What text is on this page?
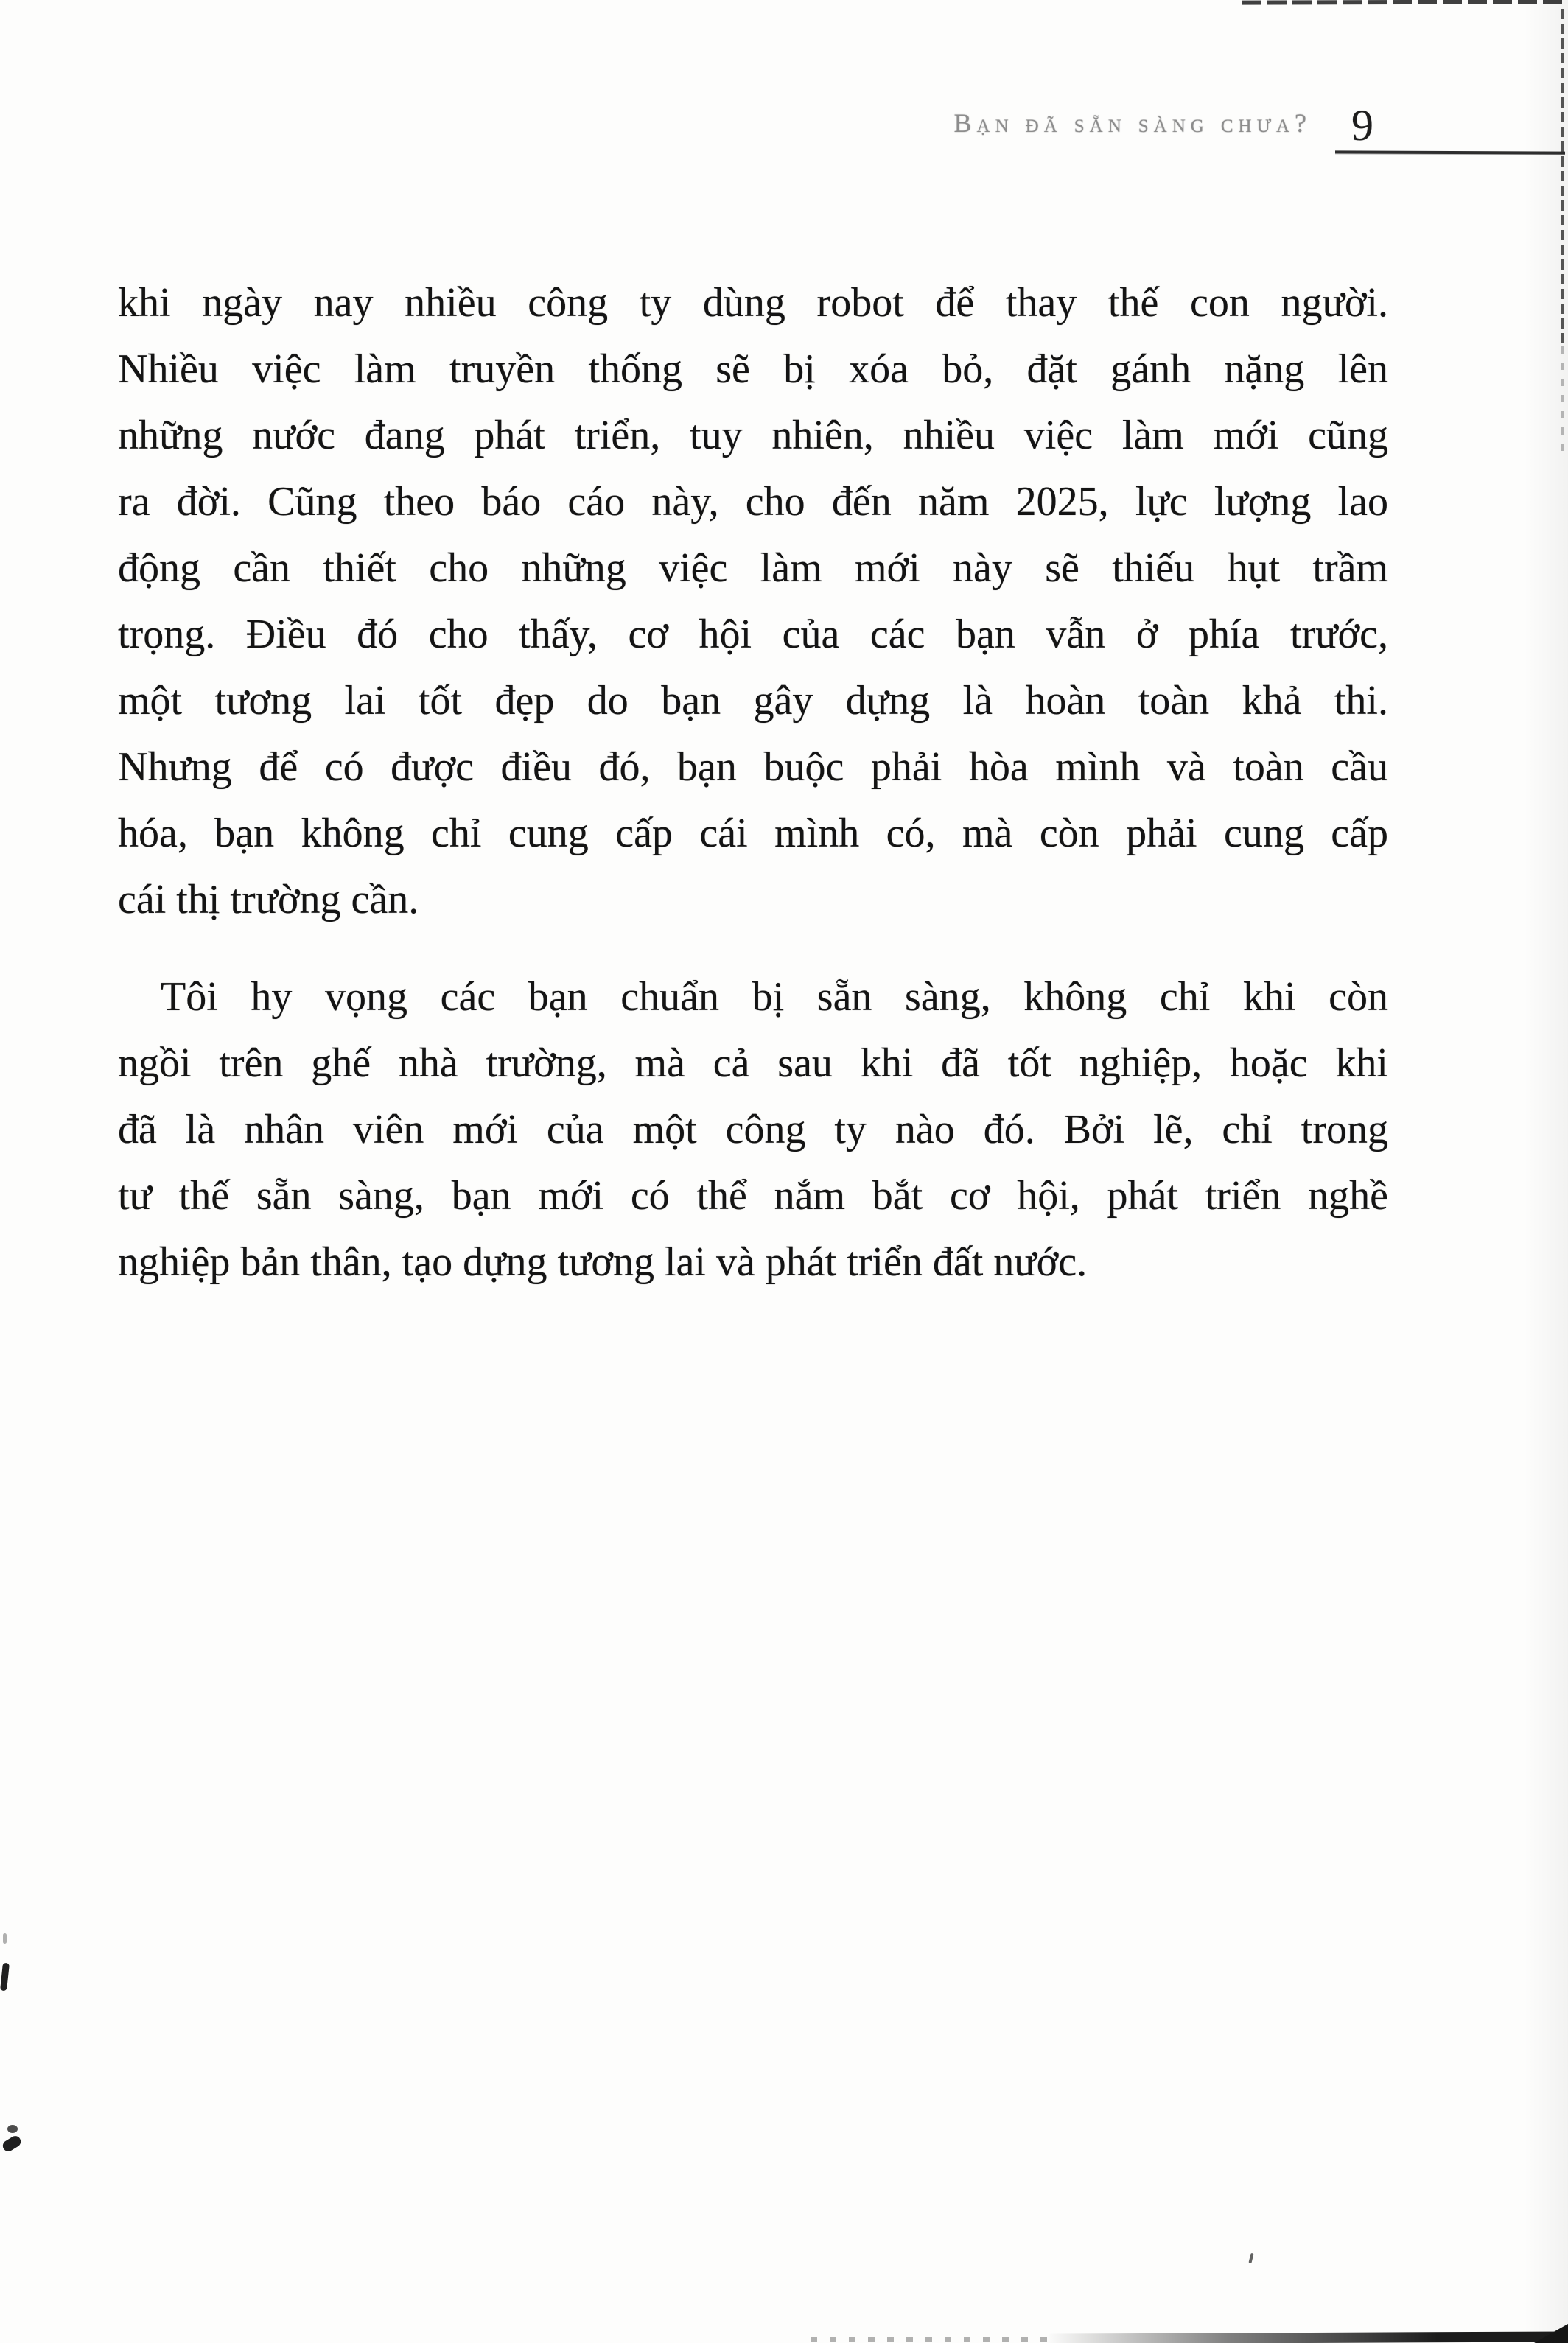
Bạn đã sẵn sàng chưa? 9
khi ngày nay nhiều công ty dùng robot để thay thế con người.
Nhiều việc làm truyền thống sẽ bị xóa bỏ, đặt gánh nặng lên
những nước đang phát triển, tuy nhiên, nhiều việc làm mới cũng
ra đời. Cũng theo báo cáo này, cho đến năm 2025, lực lượng lao
động cần thiết cho những việc làm mới này sẽ thiếu hụt trầm
trọng. Điều đó cho thấy, cơ hội của các bạn vẫn ở phía trước,
một tương lai tốt đẹp do bạn gây dựng là hoàn toàn khả thi.
Nhưng để có được điều đó, bạn buộc phải hòa mình và toàn cầu
hóa, bạn không chỉ cung cấp cái mình có, mà còn phải cung cấp
cái thị trường cần.
Tôi hy vọng các bạn chuẩn bị sẵn sàng, không chỉ khi còn
ngồi trên ghế nhà trường, mà cả sau khi đã tốt nghiệp, hoặc khi
đã là nhân viên mới của một công ty nào đó. Bởi lẽ, chỉ trong
tư thế sẵn sàng, bạn mới có thể nắm bắt cơ hội, phát triển nghề
nghiệp bản thân, tạo dựng tương lai và phát triển đất nước.
